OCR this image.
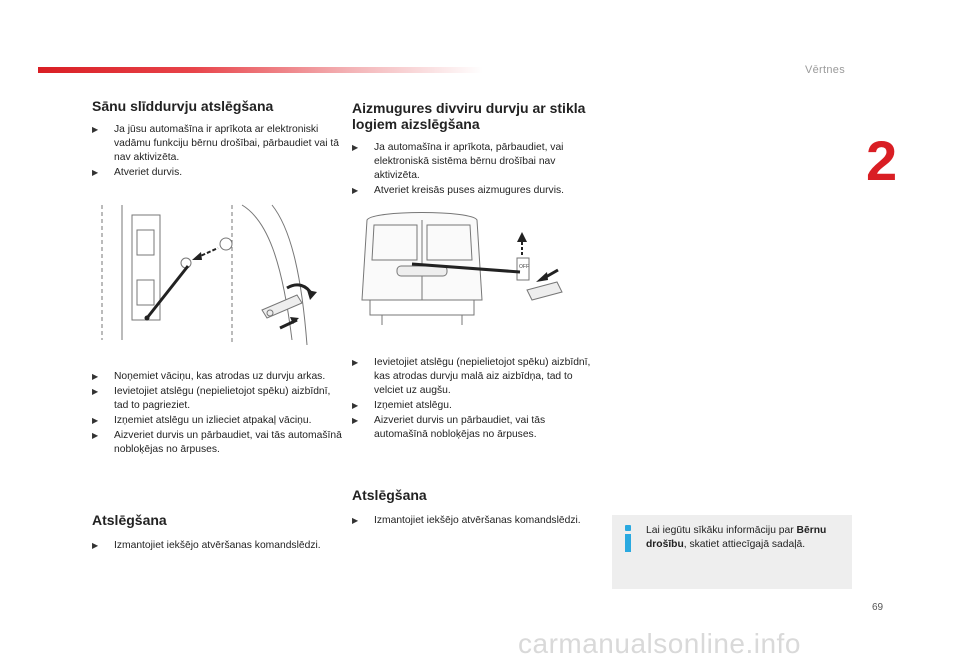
Vērtnes
2
Sānu slīddurvju atslēgšana
▶ Ja jūsu automašīna ir aprīkota ar elektroniski vadāmu funkciju bērnu drošībai, pārbaudiet vai tā nav aktivizēta.
▶ Atveriet durvis.
▶ Noņemiet vāciņu, kas atrodas uz durvju arkas.
▶ Ievietojiet atslēgu (nepielietojot spēku) aizbīdnī, tad to pagrieziet.
▶ Izņemiet atslēgu un izlieciet atpakaļ vāciņu.
▶ Aizveriet durvis un pārbaudiet, vai tās automašīnā nobloķējas no ārpuses.
Atslēgšana
▶ Izmantojiet iekšējo atvēršanas komandslēdzi.
Aizmugures divviru durvju ar stikla logiem aizslēgšana
▶ Ja automašīna ir aprīkota, pārbaudiet, vai elektroniskā sistēma bērnu drošībai nav aktivizēta.
▶ Atveriet kreisās puses aizmugures durvis.
OFF
▶ Ievietojiet atslēgu (nepielietojot spēku) aizbīdnī, kas atrodas durvju malā aiz aizbīdņa, tad to velciet uz augšu.
▶ Izņemiet atslēgu.
▶ Aizveriet durvis un pārbaudiet, vai tās automašīnā nobloķējas no ārpuses.
Atslēgšana
▶ Izmantojiet iekšējo atvēršanas komandslēdzi.
Lai iegūtu sīkāku informāciju par Bērnu drošību, skatiet attiecīgajā sadaļā.
69
carmanualsonline.info
